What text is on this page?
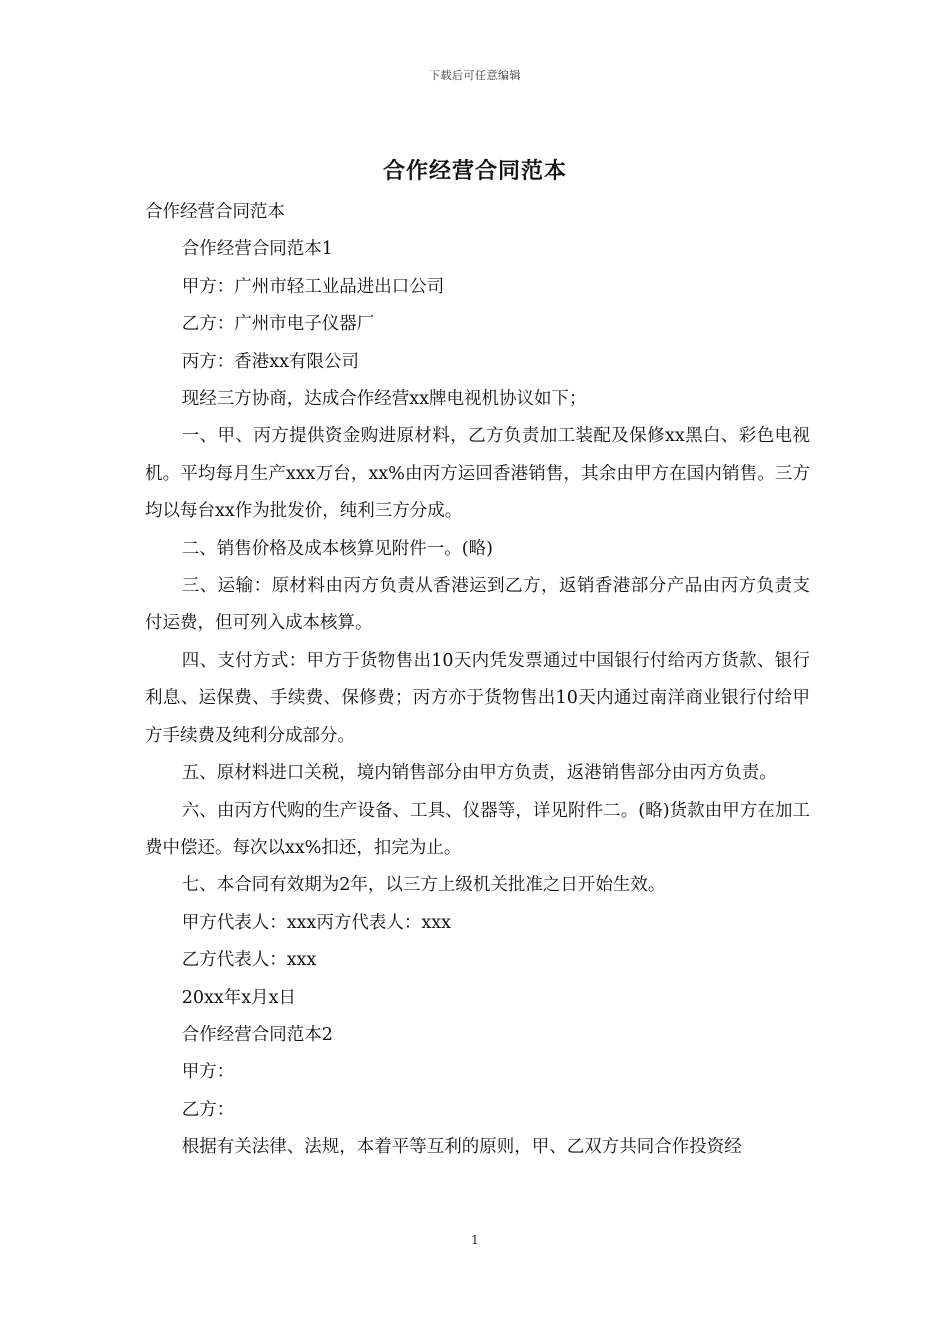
下载后可任意编辑
合作经营合同范本

合作经营合同范本

合作经营合同范本1

甲方：广州市轻工业品进出口公司

乙方：广州市电子仪器厂

丙方：香港xx有限公司

现经三方协商，达成合作经营xx牌电视机协议如下；

一、甲、丙方提供资金购进原材料，乙方负责加工装配及保修xx黑白、彩色电视机。平均每月生产xxx万台，xx%由丙方运回香港销售，其余由甲方在国内销售。三方均以每台xx作为批发价，纯利三方分成。

二、销售价格及成本核算见附件一。(略)

三、运输：原材料由丙方负责从香港运到乙方，返销香港部分产品由丙方负责支付运费，但可列入成本核算。

四、支付方式：甲方于货物售出10天内凭发票通过中国银行付给丙方货款、银行利息、运保费、手续费、保修费；丙方亦于货物售出10天内通过南洋商业银行付给甲方手续费及纯利分成部分。

五、原材料进口关税，境内销售部分由甲方负责，返港销售部分由丙方负责。

六、由丙方代购的生产设备、工具、仪器等，详见附件二。(略)货款由甲方在加工费中偿还。每次以xx%扣还，扣完为止。

七、本合同有效期为2年，以三方上级机关批准之日开始生效。

甲方代表人：xxx丙方代表人：xxx

乙方代表人：xxx

20xx年x月x日

合作经营合同范本2

甲方：

乙方：

根据有关法律、法规，本着平等互利的原则，甲、乙双方共同合作投资经

1
